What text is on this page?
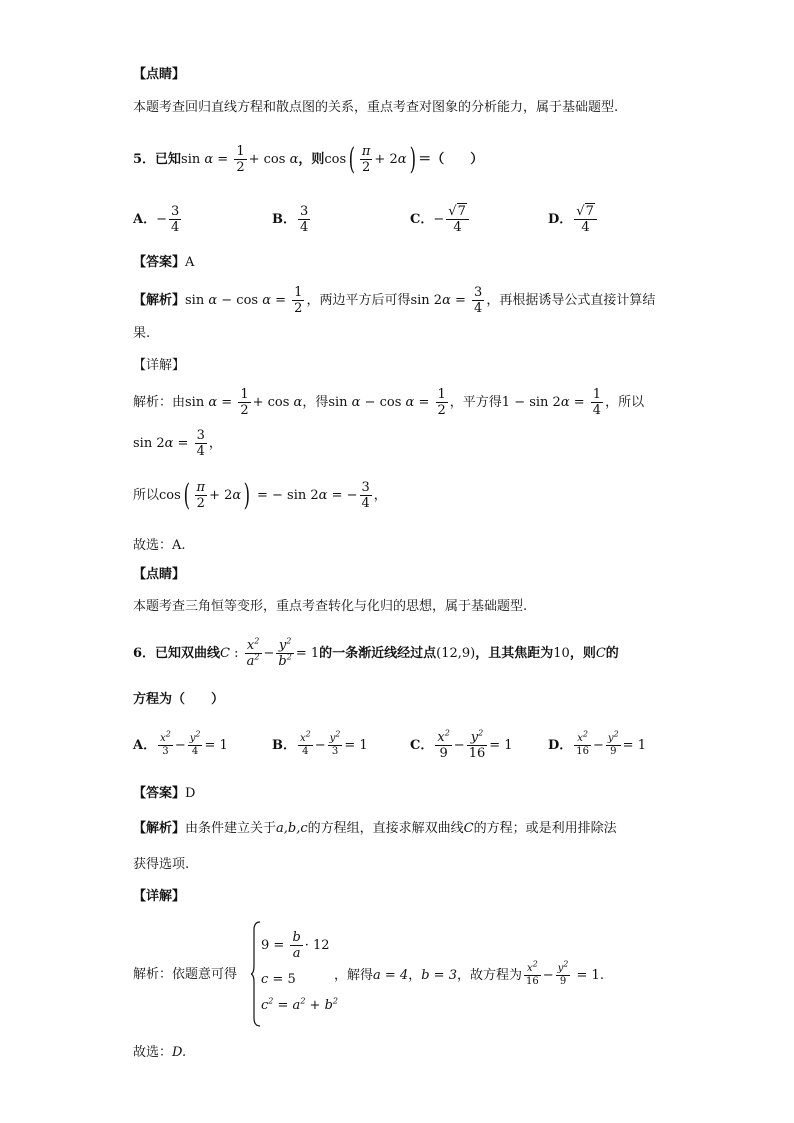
【点睛】
本题考查回归直线方程和散点图的关系，重点考查对图象的分析能力，属于基础题型.
5．已知$\sin \alpha = \frac{1}{2} + \cos \alpha$，则$\cos( \frac{\pi}{2} + 2\alpha)$ ＝（　　）
A．− $\frac{3}{4}$	B． $\frac{3}{4}$	C．− $\frac{√7}{4}$	D． $\frac{√7}{4}$
【答案】A
【解析】$\sin \alpha - \cos \alpha = \frac{1}{2}$ ，两边平方后可得$\sin 2\alpha = \frac{3}{4}$ ，再根据诱导公式直接计算结
果.
【详解】
解析：由$\sin \alpha = \frac{1}{2} + \cos \alpha$，得$\sin \alpha - \cos \alpha = \frac{1}{2}$ ，平方得$1 - \sin 2\alpha = \frac{1}{4}$ ，所以
$\sin 2\alpha = \frac{3}{4}$ ，
所以$\cos( \frac{\pi}{2} + 2\alpha)$ = − sin 2α = − $\frac{3}{4}$ ，
故选：A.
【点睛】
本题考查三角恒等变形，重点考查转化与化归的思想，属于基础题型.
6．已知双曲线C : $\frac{x^2}{a^2} - \frac{y^2}{b^2} = 1$的一条渐近线经过点(12,9)，且其焦距为10，则C的
方程为（　　）
A． $\frac{x^2}{3} - \frac{y^2}{4} = 1$	B． $\frac{x^2}{4} - \frac{y^2}{3} = 1$	C． $\frac{x^2}{9} - \frac{y^2}{16} = 1$	D． $\frac{x^2}{16} - \frac{y^2}{9} = 1$
【答案】D
【解析】由条件建立关于a,b,c的方程组，直接求解双曲线C的方程；或是利用排除法
获得选项.
【详解】
解析：依题意可得
$9 = \frac{b}{a} \cdot 12$
c = 5
$c^2 = a^2 + b^2$
，解得a = 4，b = 3，故方程为 $\frac{x^2}{16} - \frac{y^2}{9} = 1$.
故选：D.
